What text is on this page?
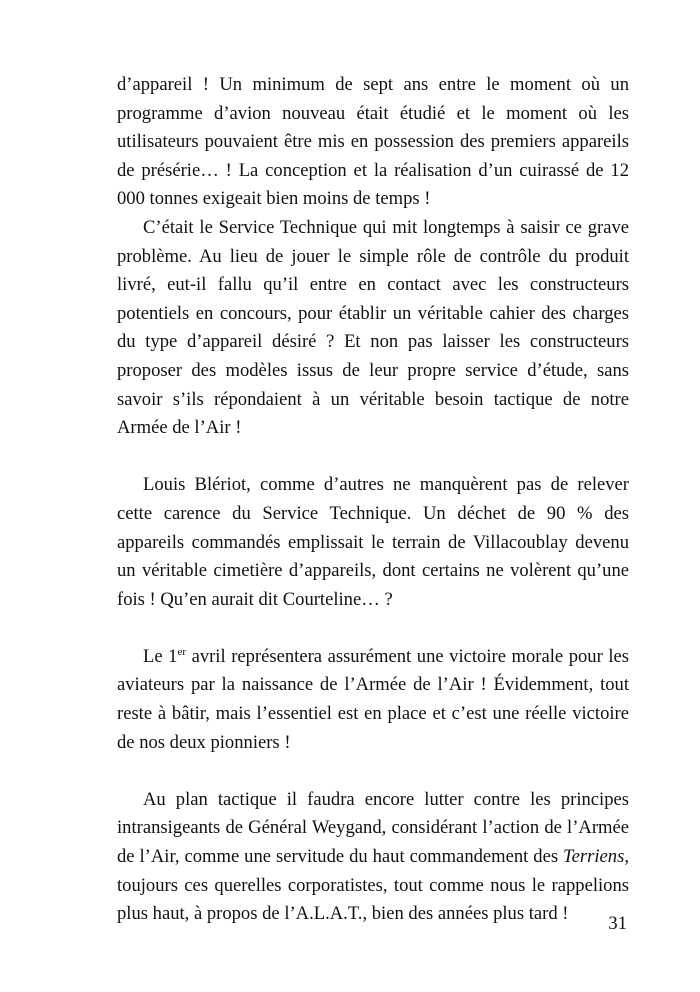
d’appareil ! Un minimum de sept ans entre le moment où un programme d’avion nouveau était étudié et le moment où les utilisateurs pouvaient être mis en possession des premiers appareils de présérie… ! La conception et la réalisation d’un cuirassé de 12 000 tonnes exigeait bien moins de temps !

C’était le Service Technique qui mit longtemps à saisir ce grave problème. Au lieu de jouer le simple rôle de contrôle du produit livré, eut-il fallu qu’il entre en contact avec les constructeurs potentiels en concours, pour établir un véritable cahier des charges du type d’appareil désiré ? Et non pas laisser les constructeurs proposer des modèles issus de leur propre service d’étude, sans savoir s’ils répondaient à un véritable besoin tactique de notre Armée de l’Air !

Louis Blériot, comme d’autres ne manquèrent pas de relever cette carence du Service Technique. Un déchet de 90 % des appareils commandés emplissait le terrain de Villacoublay devenu un véritable cimetière d’appareils, dont certains ne volèrent qu’une fois ! Qu’en aurait dit Courteline… ?

Le 1er avril représentera assurément une victoire morale pour les aviateurs par la naissance de l’Armée de l’Air ! Évidemment, tout reste à bâtir, mais l’essentiel est en place et c’est une réelle victoire de nos deux pionniers !

Au plan tactique il faudra encore lutter contre les principes intransigeants de Général Weygand, considérant l’action de l’Armée de l’Air, comme une servitude du haut commandement des Terriens, toujours ces querelles corporatistes, tout comme nous le rappelions plus haut, à propos de l’A.L.A.T., bien des années plus tard !	31
